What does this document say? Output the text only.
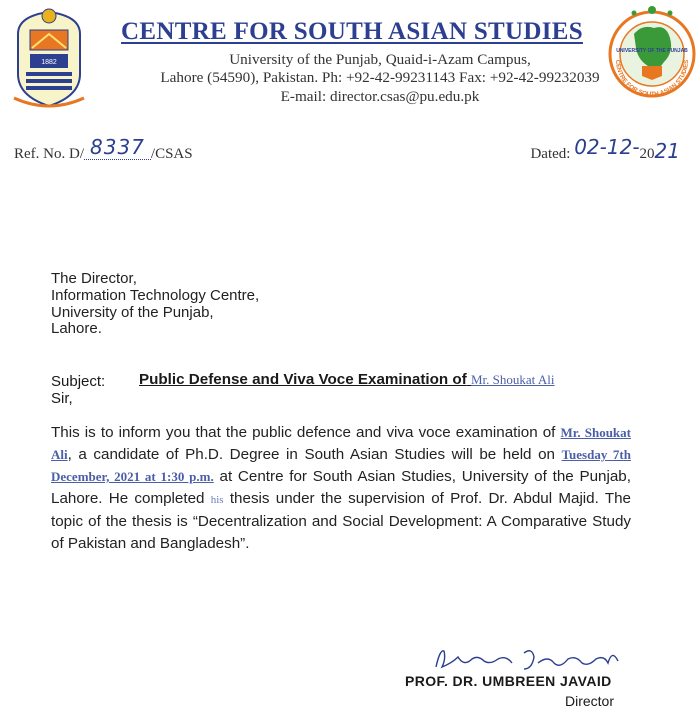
1882
UNIVERSITY OF THE PUNJAB
CENTRE FOR SOUTH ASIAN STUDIES
CENTRE FOR SOUTH ASIAN STUDIES
University of the Punjab, Quaid-i-Azam Campus,
Lahore (54590), Pakistan. Ph: +92-42-99231143 Fax: +92-42-99232039
E-mail: director.csas@pu.edu.pk
Ref. No. D/ 8337 /CSAS	Dated: 02-12-2021
The Director,
Information Technology Centre,
University of the Punjab,
Lahore.
Subject: Public Defense and Viva Voce Examination of Mr. Shoukat Ali
Sir,
This is to inform you that the public defence and viva voce examination of Mr. Shoukat Ali, a candidate of Ph.D. Degree in South Asian Studies will be held on Tuesday 7th December, 2021 at 1:30 p.m. at Centre for South Asian Studies, University of the Punjab, Lahore. He completed his thesis under the supervision of Prof. Dr. Abdul Majid. The topic of the thesis is “Decentralization and Social Development: A Comparative Study of Pakistan and Bangladesh”.
Umbreen Javaid
PROF. DR. UMBREEN JAVAID
Director
